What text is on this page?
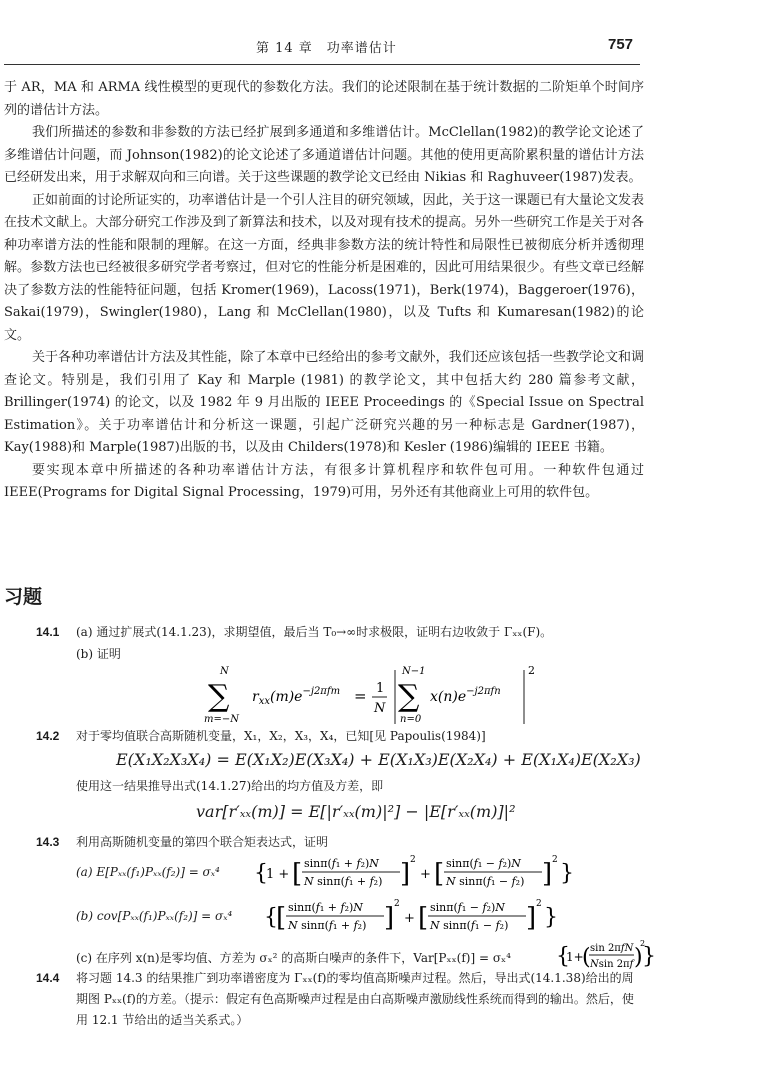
第 14 章　功率谱估计	757

于 AR，MA 和 ARMA 线性模型的更现代的参数化方法。我们的论述限制在基于统计数据的二阶矩单个时间序列的谱估计方法。

我们所描述的参数和非参数的方法已经扩展到多通道和多维谱估计。McClellan(1982)的教学论文论述了多维谱估计问题，而 Johnson(1982)的论文论述了多通道谱估计问题。其他的使用更高阶累积量的谱估计方法已经研发出来，用于求解双向和三向谱。关于这些课题的教学论文已经由 Nikias 和 Raghuveer(1987)发表。

正如前面的讨论所证实的，功率谱估计是一个引人注目的研究领域，因此，关于这一课题已有大量论文发表在技术文献上。大部分研究工作涉及到了新算法和技术，以及对现有技术的提高。另外一些研究工作是关于对各种功率谱方法的性能和限制的理解。在这一方面，经典非参数方法的统计特性和局限性已被彻底分析并透彻理解。参数方法也已经被很多研究学者考察过，但对它的性能分析是困难的，因此可用结果很少。有些文章已经解决了参数方法的性能特征问题，包括 Kromer(1969)，Lacoss(1971)，Berk(1974)，Baggeroer(1976)，Sakai(1979)，Swingler(1980)，Lang 和 McClellan(1980)，以及 Tufts 和 Kumaresan(1982)的论文。

关于各种功率谱估计方法及其性能，除了本章中已经给出的参考文献外，我们还应该包括一些教学论文和调查论文。特别是，我们引用了 Kay 和 Marple (1981) 的教学论文，其中包括大约 280 篇参考文献，Brillinger(1974) 的论文，以及 1982 年 9 月出版的 IEEE Proceedings 的《Special Issue on Spectral Estimation》。关于功率谱估计和分析这一课题，引起广泛研究兴趣的另一种标志是 Gardner(1987)，Kay(1988)和 Marple(1987)出版的书，以及由 Childers(1978)和 Kesler (1986)编辑的 IEEE 书籍。

要实现本章中所描述的各种功率谱估计方法，有很多计算机程序和软件包可用。一种软件包通过 IEEE(Programs for Digital Signal Processing，1979)可用，另外还有其他商业上可用的软件包。

习题
14.1 (a) 通过扩展式(14.1.23)，求期望值，最后当 T₀→∞时求极限，证明右边收敛于 Γₓₓ(F)。
(b) 证明
N
∑
m=−N
$r_{xx}(m)e^{-j2\pi fm} = 1$
N
N−1
∑
n=0
$x(n)e^{-j2\pi fn}$
2
14.2 对于零均值联合高斯随机变量，X₁，X₂，X₃，X₄，已知[见 Papoulis(1984)]
E(X₁X₂X₃X₄) = E(X₁X₂)E(X₃X₄) + E(X₁X₃)E(X₂X₄) + E(X₁X₄)E(X₂X₃)
使用这一结果推导出式(14.1.27)给出的均方值及方差，即
var[r′ₓₓ(m)] = E[|r′ₓₓ(m)|²] − |E[r′ₓₓ(m)]|²
14.3 利用高斯随机变量的第四个联合矩表达式，证明
(a) E[Pₓₓ(f₁)Pₓₓ(f₂)] = σₓ⁴	{
1 + [ sinπ(f₁ + f₂)N
N sinπ(f₁ + f₂) ] 2
+ [ sinπ(f₁ − f₂)N
N sinπ(f₁ − f₂) ] 2
}
(b) cov[Pₓₓ(f₁)Pₓₓ(f₂)] = σₓ⁴	{
[ sinπ(f₁ + f₂)N
N sinπ(f₁ + f₂) ] 2
+ [ sinπ(f₁ − f₂)N
N sinπ(f₁ − f₂) ] 2
}
(c) 在序列 x(n)是零均值、方差为 σₓ² 的高斯白噪声的条件下，Var[Pₓₓ(f)] = σₓ⁴ {
1+
( sin 2πfN
Nsin 2πf )
2
}
14.4 将习题 14.3 的结果推广到功率谱密度为 Γₓₓ(f)的零均值高斯噪声过程。然后，导出式(14.1.38)给出的周期图 Pₓₓ(f)的方差。（提示：假定有色高斯噪声过程是由白高斯噪声激励线性系统而得到的输出。然后，使用 12.1 节给出的适当关系式。）
